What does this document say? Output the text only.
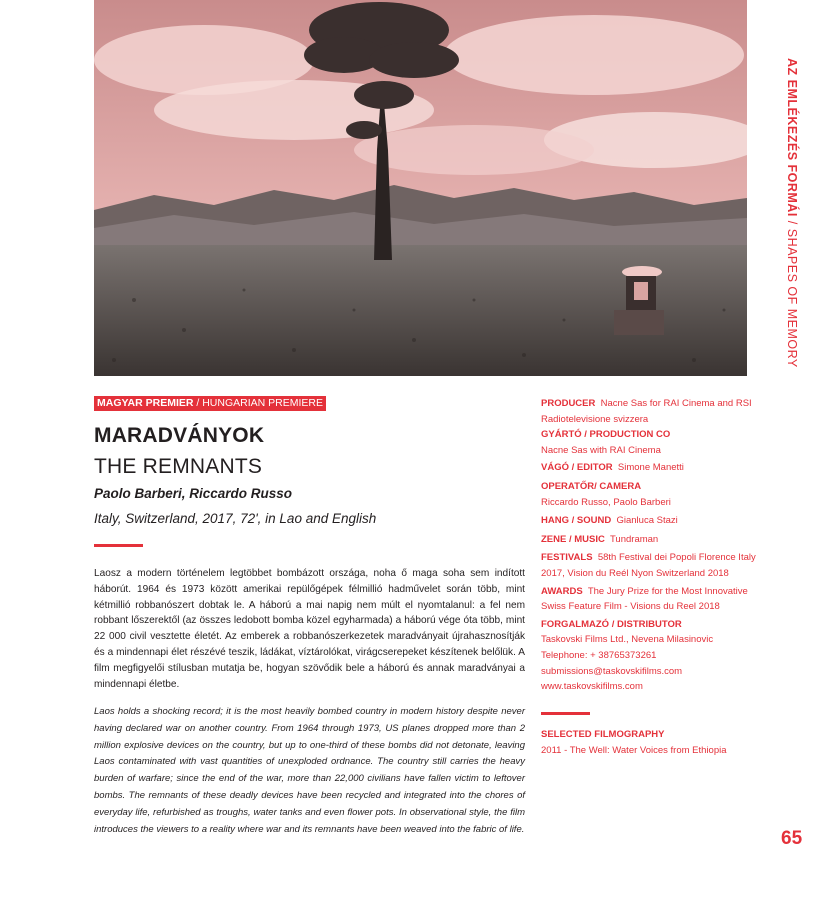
AZ EMLÉKEZÉS FORMÁI / SHAPES OF MEMORY
MAGYAR PREMIER / HUNGARIAN PREMIERE
MARADVÁNYOK
THE REMNANTS
Paolo Barberi, Riccardo Russo
Italy, Switzerland, 2017, 72', in Lao and English
Laosz a modern történelem legtöbbet bombázott országa, noha ő maga soha sem indított háborút. 1964 és 1973 között amerikai repülőgépek félmillió hadművelet során több, mint kétmillió robbanószert dobtak le. A háború a mai napig nem múlt el nyomtalanul: a fel nem robbant lőszerektől (az összes ledobott bomba közel egyharmada) a háború vége óta több, mint 22 000 civil vesztette életét. Az emberek a robbanószerkezetek maradványait újrahasznosítják és a mindennapi élet részévé teszik, ládákat, víztárolókat, virágcserepeket készítenek belőlük. A film megfigyelői stílusban mutatja be, hogyan szövődik bele a háború és annak maradványai a mindennapi életbe.
Laos holds a shocking record; it is the most heavily bombed country in modern history despite never having declared war on another country. From 1964 through 1973, US planes dropped more than 2 million explosive devices on the country, but up to one-third of these bombs did not detonate, leaving Laos contaminated with vast quantities of unexploded ordnance. The country still carries the heavy burden of warfare; since the end of the war, more than 22,000 civilians have fallen victim to leftover bombs. The remnants of these deadly devices have been recycled and integrated into the chores of everyday life, refurbished as troughs, water tanks and even flower pots. In observational style, the film introduces the viewers to a reality where war and its remnants have been weaved into the fabric of life.
PRODUCER Nacne Sas for RAI Cinema and RSI Radiotelevisione svizzera
GYÁRTÓ / PRODUCTION CO
Nacne Sas with RAI Cinema
VÁGÓ / EDITOR Simone Manetti
OPERATŐR/ CAMERA
Riccardo Russo, Paolo Barberi
HANG / SOUND Gianluca Stazi
ZENE / MUSIC Tundraman
FESTIVALS 58th Festival dei Popoli Florence Italy 2017, Vision du Reél Nyon Switzerland 2018
AWARDS The Jury Prize for the Most Innovative Swiss Feature Film - Visions du Reel 2018
FORGALMAZÓ / DISTRIBUTOR
Taskovski Films Ltd., Nevena Milasinovic
Telephone: + 38765373261
submissions@taskovskifilms.com
www.taskovskifilms.com
SELECTED FILMOGRAPHY
2011 - The Well: Water Voices from Ethiopia
65
